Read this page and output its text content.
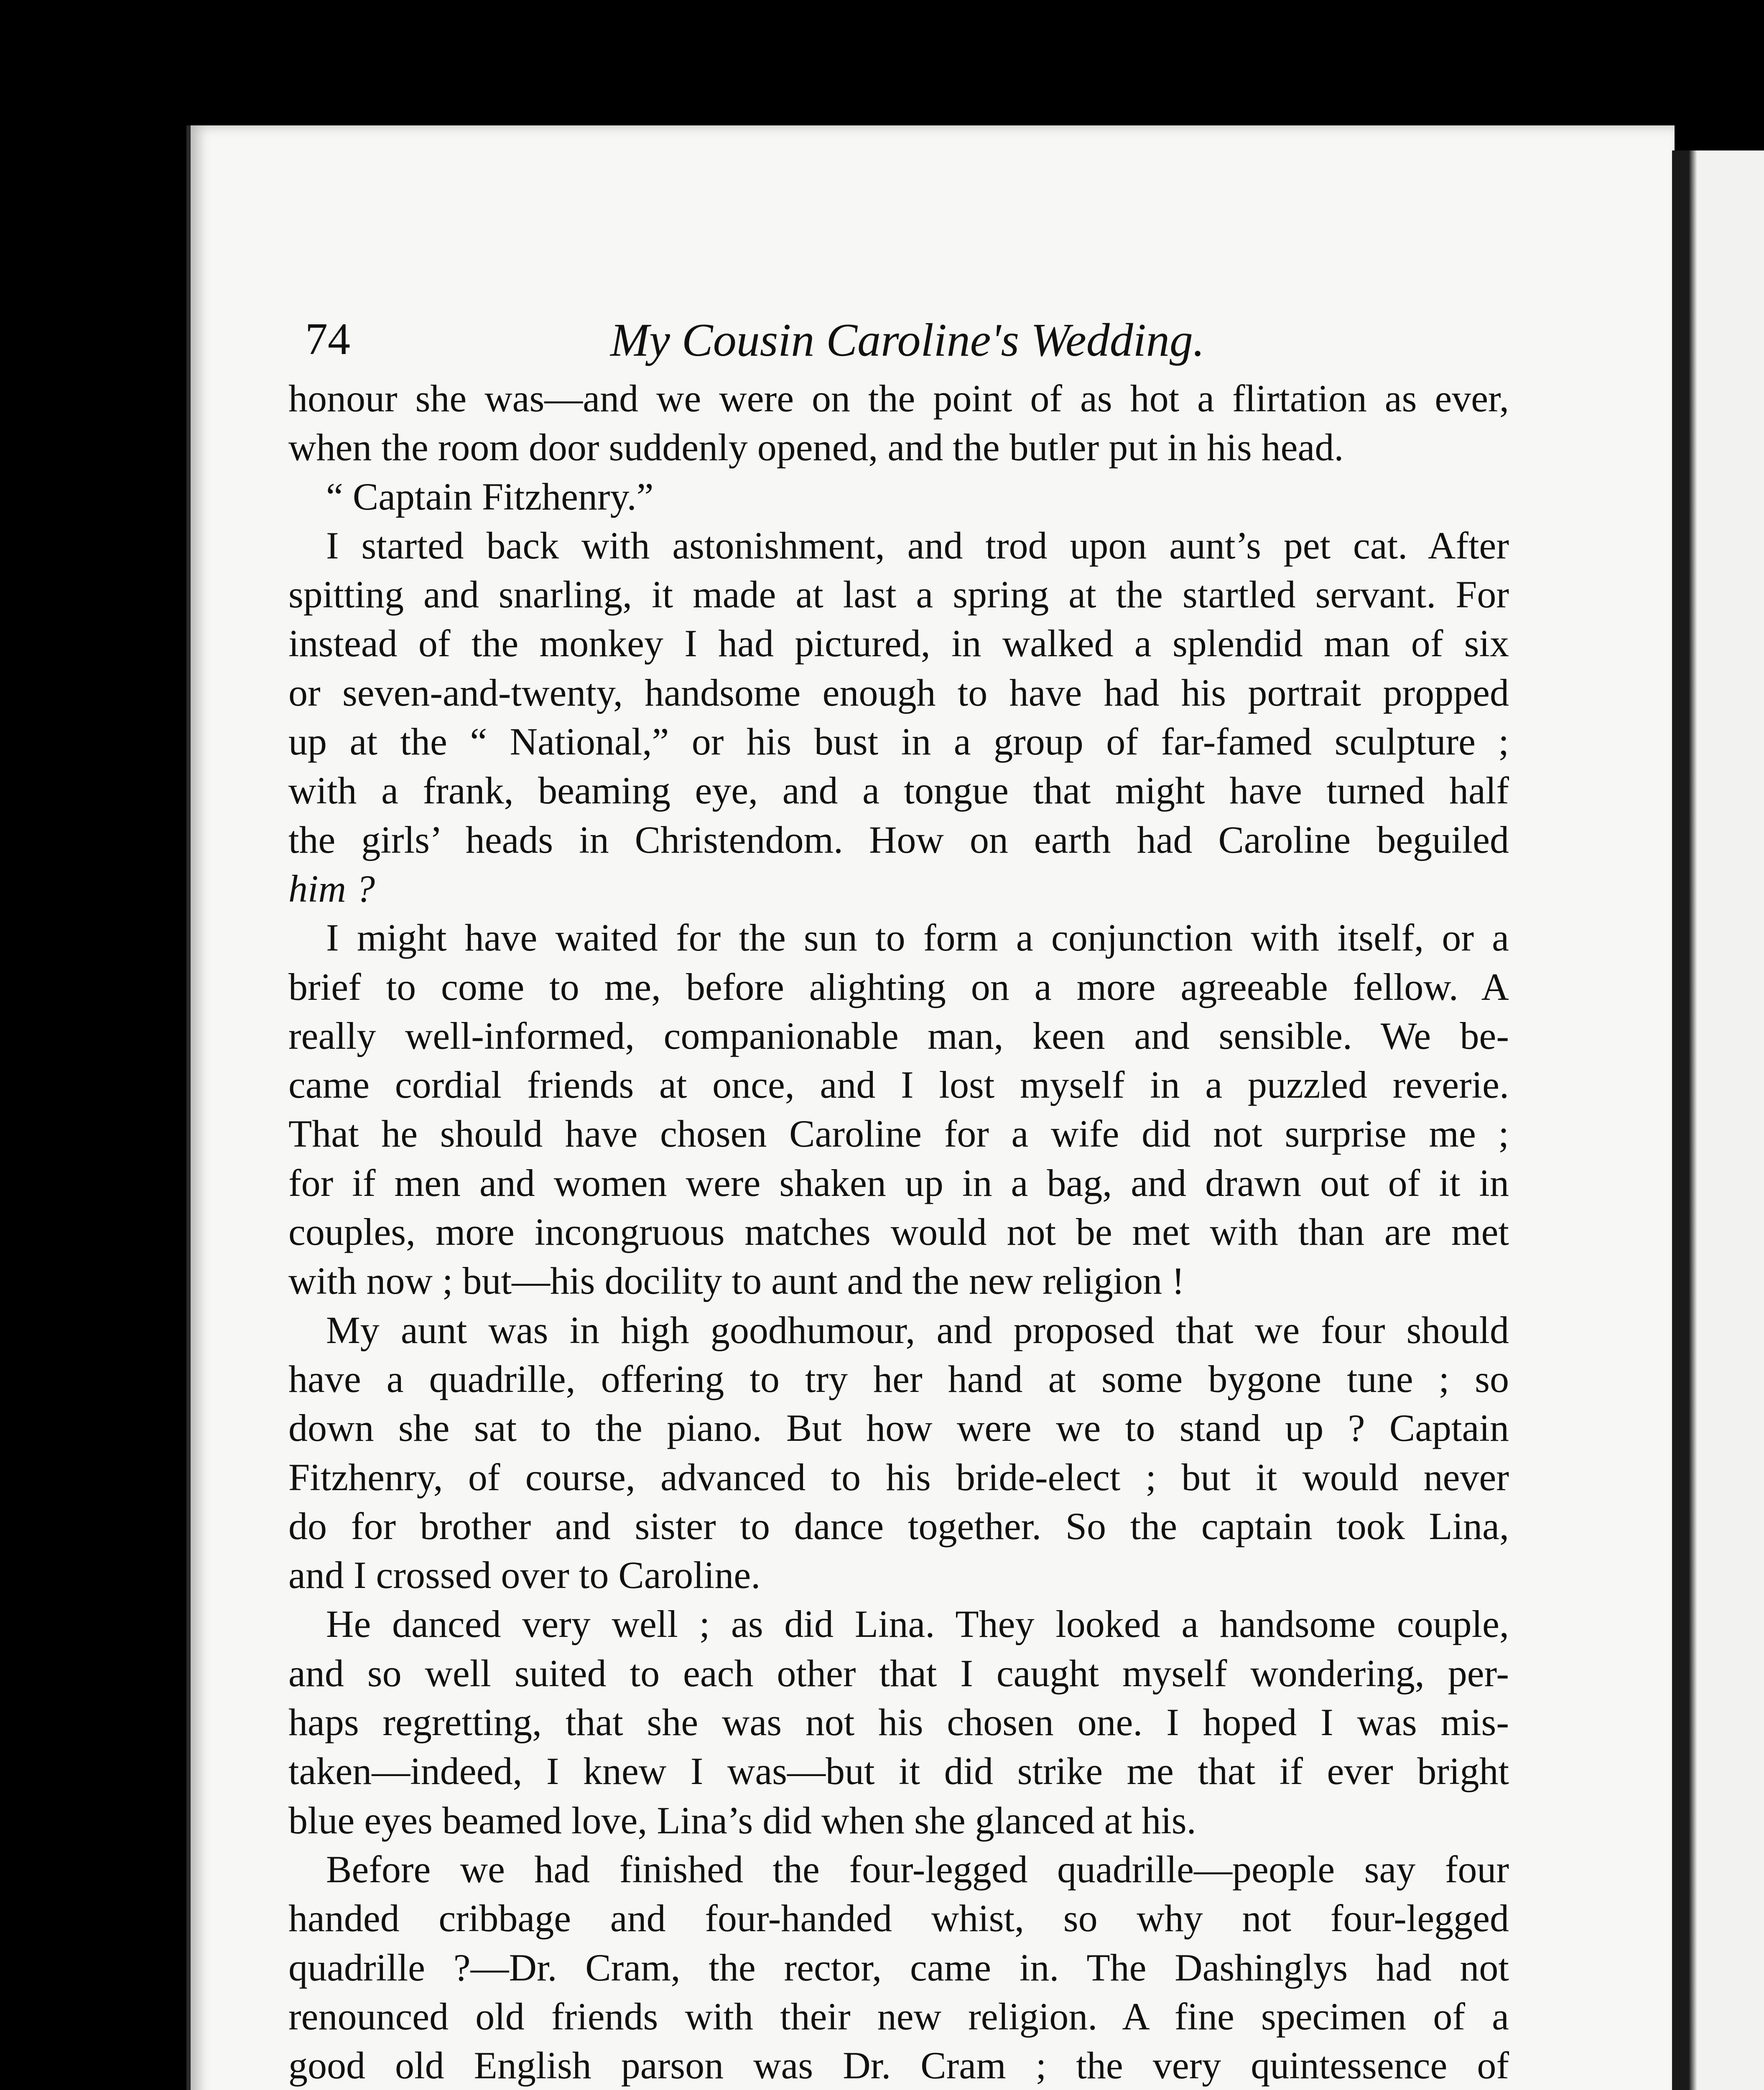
74	My Cousin Caroline's Wedding.
honour she was—and we were on the point of as hot a flirtation as ever,
when the room door suddenly opened, and the butler put in his head.
“ Captain Fitzhenry.”
I started back with astonishment, and trod upon aunt’s pet cat. After
spitting and snarling, it made at last a spring at the startled servant. For
instead of the monkey I had pictured, in walked a splendid man of six
or seven-and-twenty, handsome enough to have had his portrait propped
up at the “ National,” or his bust in a group of far-famed sculpture ;
with a frank, beaming eye, and a tongue that might have turned half
the girls’ heads in Christendom. How on earth had Caroline beguiled
him ?
I might have waited for the sun to form a conjunction with itself, or a
brief to come to me, before alighting on a more agreeable fellow. A
really well-informed, companionable man, keen and sensible. We be-
came cordial friends at once, and I lost myself in a puzzled reverie.
That he should have chosen Caroline for a wife did not surprise me ;
for if men and women were shaken up in a bag, and drawn out of it in
couples, more incongruous matches would not be met with than are met
with now ; but—his docility to aunt and the new religion !
My aunt was in high goodhumour, and proposed that we four should
have a quadrille, offering to try her hand at some bygone tune ; so
down she sat to the piano. But how were we to stand up ? Captain
Fitzhenry, of course, advanced to his bride-elect ; but it would never
do for brother and sister to dance together. So the captain took Lina,
and I crossed over to Caroline.
He danced very well ; as did Lina. They looked a handsome couple,
and so well suited to each other that I caught myself wondering, per-
haps regretting, that she was not his chosen one. I hoped I was mis-
taken—indeed, I knew I was—but it did strike me that if ever bright
blue eyes beamed love, Lina’s did when she glanced at his.
Before we had finished the four-legged quadrille—people say four
handed cribbage and four-handed whist, so why not four-legged
quadrille ?—Dr. Cram, the rector, came in. The Dashinglys had not
renounced old friends with their new religion. A fine specimen of a
good old English parson was Dr. Cram ; the very quintessence of
